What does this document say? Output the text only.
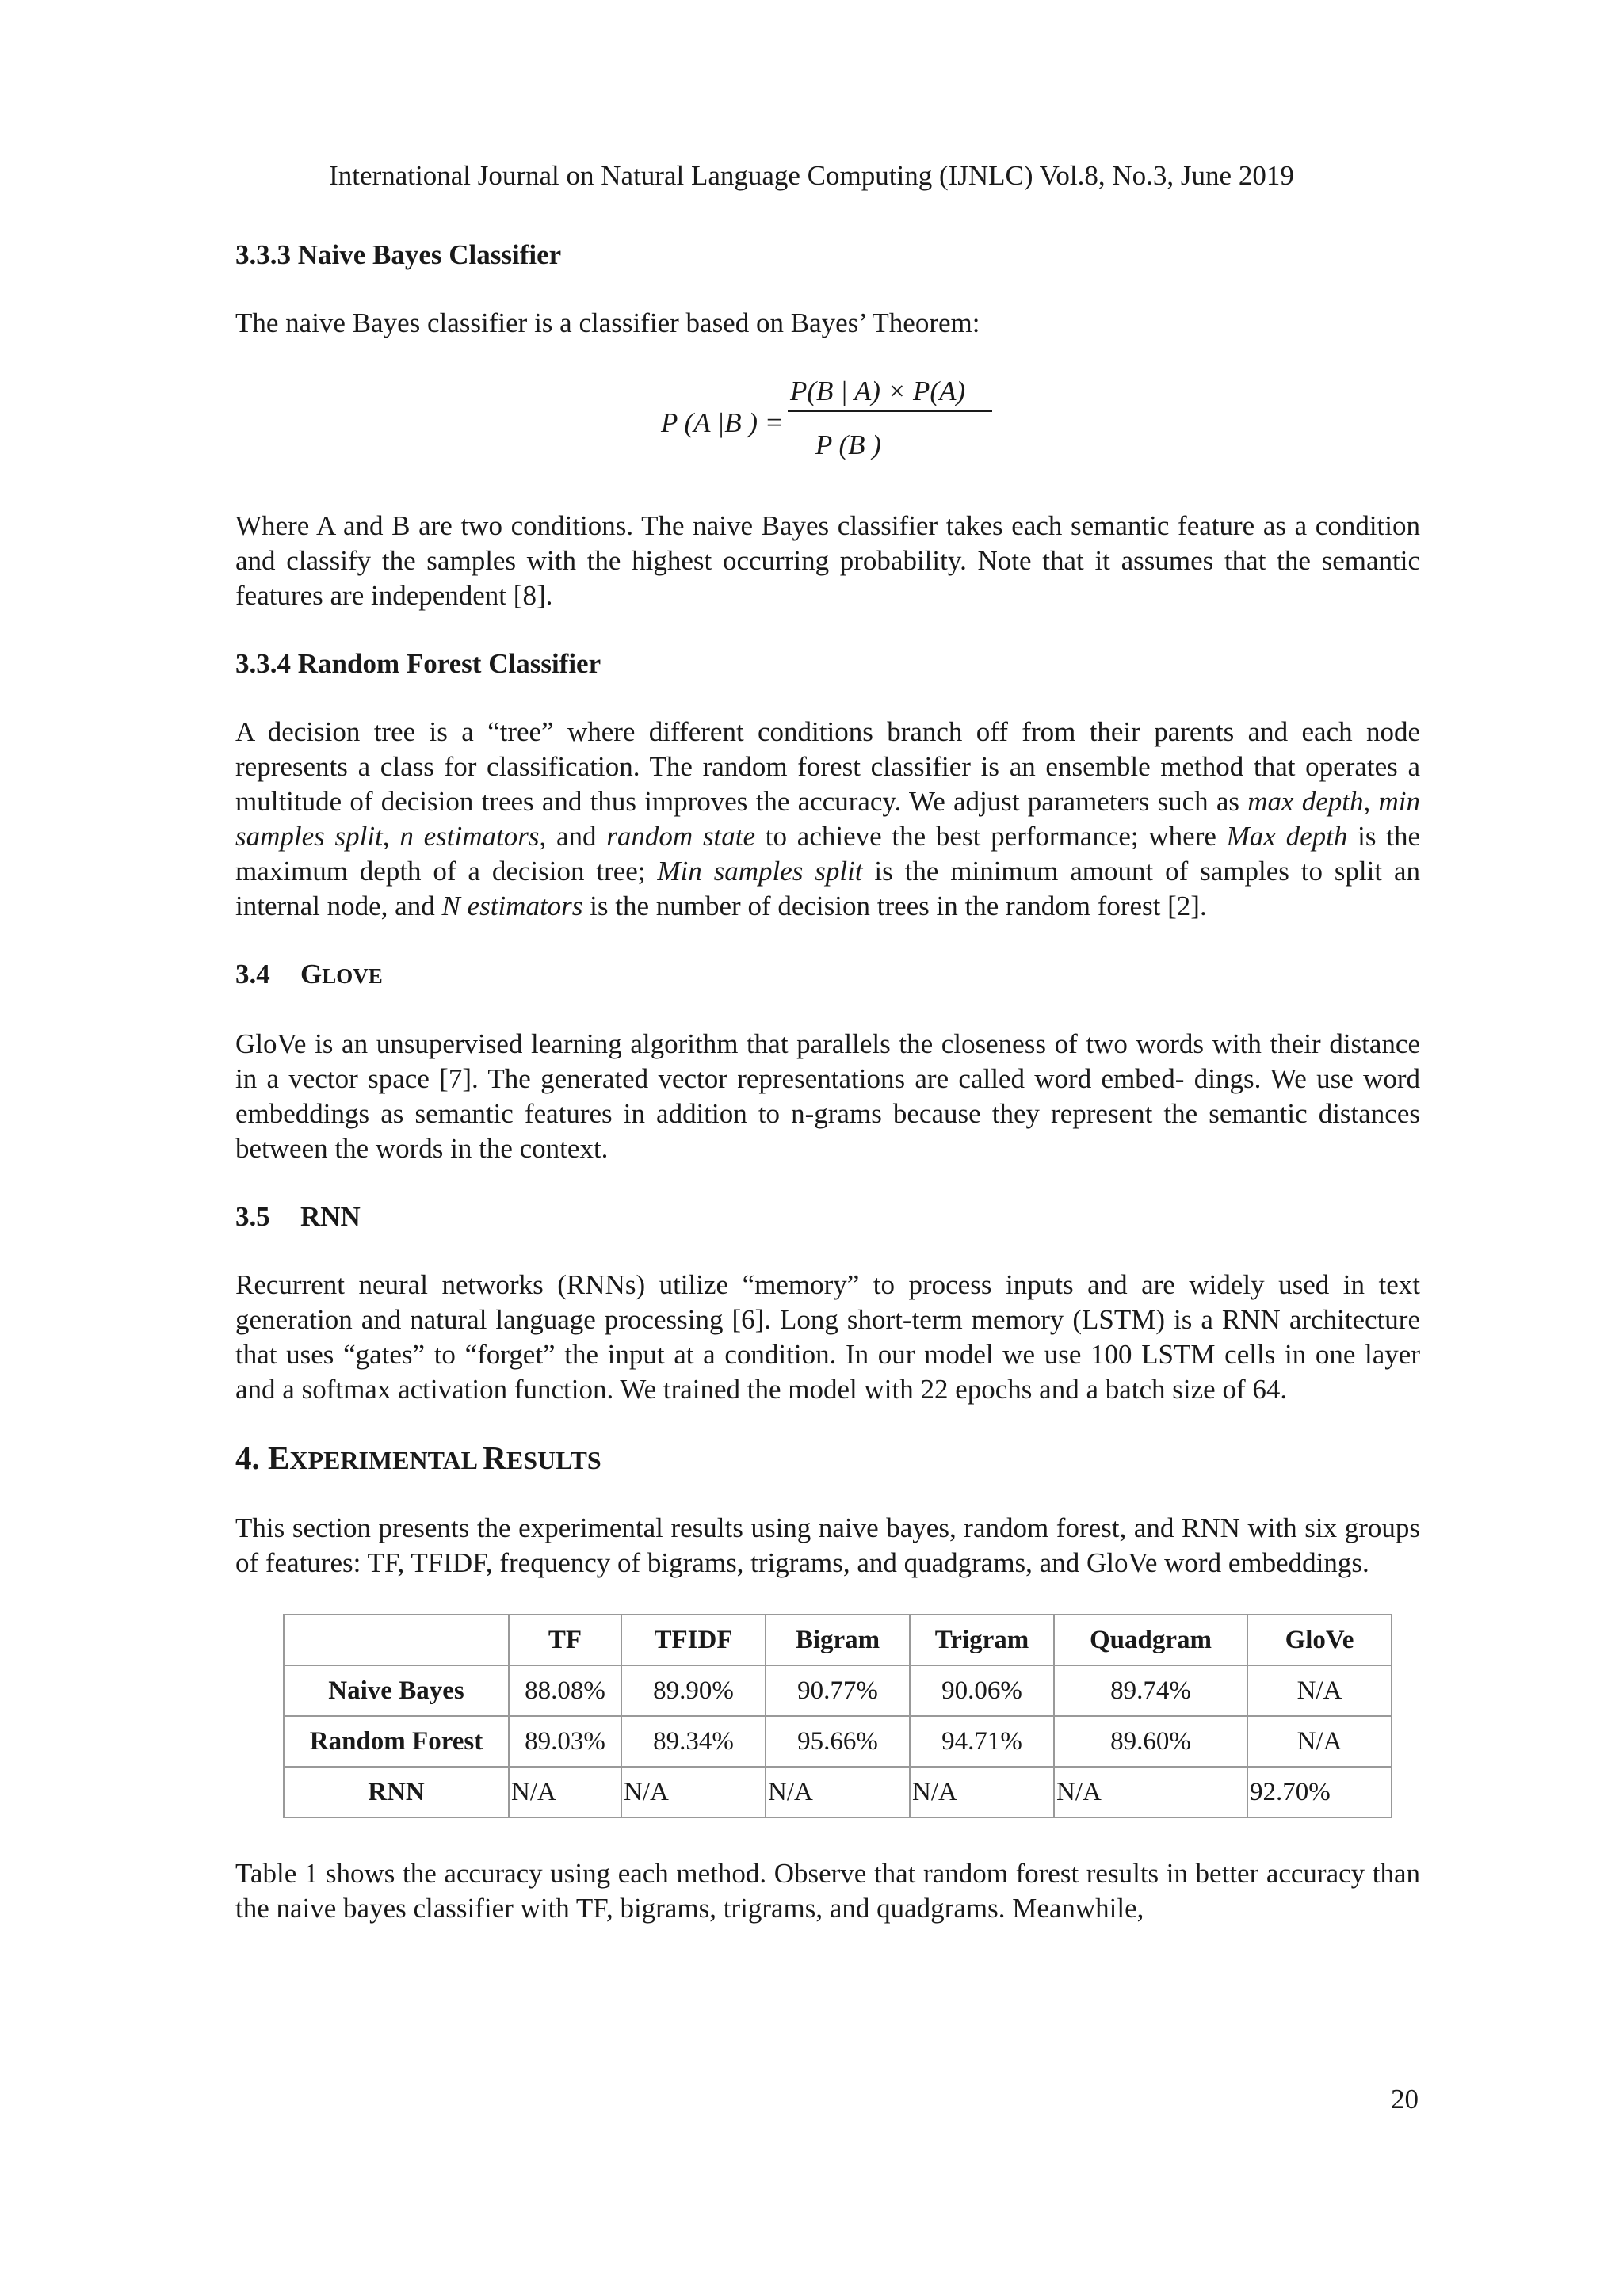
International Journal on Natural Language Computing (IJNLC) Vol.8, No.3, June 2019
3.3.3 Naive Bayes Classifier

The naive Bayes classifier is a classifier based on Bayes’ Theorem:

P (A |B ) =
P(B | A) × P(A)
P (B )

Where A and B are two conditions. The naive Bayes classifier takes each semantic feature as a condition and classify the samples with the highest occurring probability. Note that it assumes that the semantic features are independent [8].

3.3.4 Random Forest Classifier

A decision tree is a “tree” where different conditions branch off from their parents and each node represents a class for classification. The random forest classifier is an ensemble method that operates a multitude of decision trees and thus improves the accuracy. We adjust parameters such as max depth, min samples split, n estimators, and random state to achieve the best performance; where Max depth is the maximum depth of a decision tree; Min samples split is the minimum amount of samples to split an internal node, and N estimators is the number of decision trees in the random forest [2].

3.4	GLOVE

GloVe is an unsupervised learning algorithm that parallels the closeness of two words with their distance in a vector space [7]. The generated vector representations are called word embed- dings. We use word embeddings as semantic features in addition to n-grams because they represent the semantic distances between the words in the context.

3.5	RNN

Recurrent neural networks (RNNs) utilize “memory” to process inputs and are widely used in text generation and natural language processing [6]. Long short-term memory (LSTM) is a RNN architecture that uses “gates” to “forget” the input at a condition. In our model we use 100 LSTM cells in one layer and a softmax activation function. We trained the model with 22 epochs and a batch size of 64.

4. EXPERIMENTAL RESULTS

This section presents the experimental results using naive bayes, random forest, and RNN with six groups of features: TF, TFIDF, frequency of bigrams, trigrams, and quadgrams, and GloVe word embeddings.

	TF	TFIDF	Bigram	Trigram	Quadgram	GloVe
Naive Bayes	88.08%	89.90%	90.77%	90.06%	89.74%	N/A
Random Forest	89.03%	89.34%	95.66%	94.71%	89.60%	N/A
RNN	N/A	N/A	N/A	N/A	N/A	92.70%

Table 1 shows the accuracy using each method. Observe that random forest results in better accuracy than the naive bayes classifier with TF, bigrams, trigrams, and quadgrams. Meanwhile,

20
